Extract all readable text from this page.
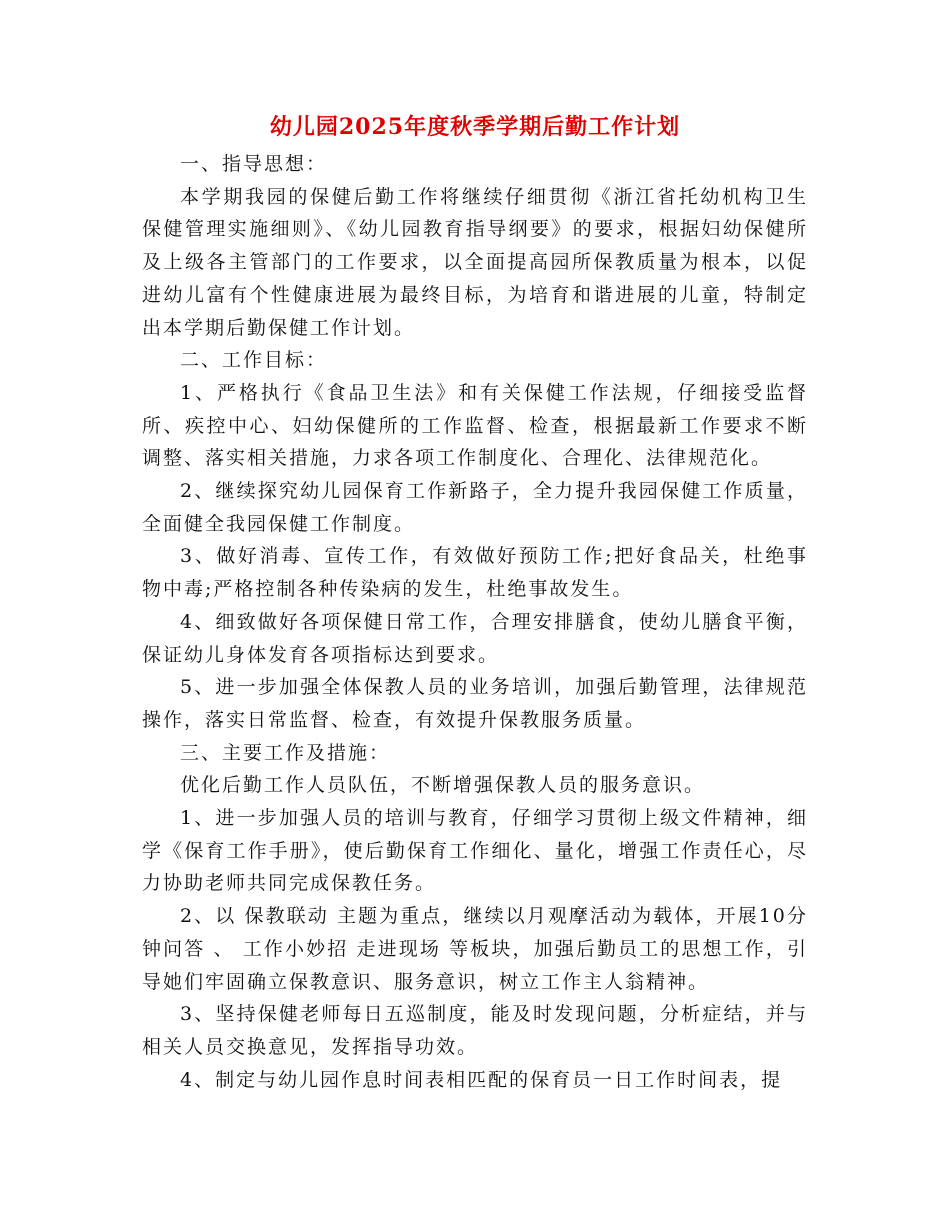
幼儿园2025年度秋季学期后勤工作计划

一、指导思想：

本学期我园的保健后勤工作将继续仔细贯彻《浙江省托幼机构卫生保健管理实施细则》、《幼儿园教育指导纲要》的要求，根据妇幼保健所及上级各主管部门的工作要求，以全面提高园所保教质量为根本，以促进幼儿富有个性健康进展为最终目标，为培育和谐进展的儿童，特制定出本学期后勤保健工作计划。

二、工作目标：

1、严格执行《食品卫生法》和有关保健工作法规，仔细接受监督所、疾控中心、妇幼保健所的工作监督、检查，根据最新工作要求不断调整、落实相关措施，力求各项工作制度化、合理化、法律规范化。

2、继续探究幼儿园保育工作新路子，全力提升我园保健工作质量，全面健全我园保健工作制度。

3、做好消毒、宣传工作，有效做好预防工作;把好食品关，杜绝事物中毒;严格控制各种传染病的发生，杜绝事故发生。

4、细致做好各项保健日常工作，合理安排膳食，使幼儿膳食平衡，保证幼儿身体发育各项指标达到要求。

5、进一步加强全体保教人员的业务培训，加强后勤管理，法律规范操作，落实日常监督、检查，有效提升保教服务质量。

三、主要工作及措施：

优化后勤工作人员队伍，不断增强保教人员的服务意识。

1、进一步加强人员的培训与教育，仔细学习贯彻上级文件精神，细学《保育工作手册》，使后勤保育工作细化、量化，增强工作责任心，尽力协助老师共同完成保教任务。

2、以 保教联动 主题为重点，继续以月观摩活动为载体，开展10分钟问答 、 工作小妙招 走进现场 等板块，加强后勤员工的思想工作，引导她们牢固确立保教意识、服务意识，树立工作主人翁精神。

3、坚持保健老师每日五巡制度，能及时发现问题，分析症结，并与相关人员交换意见，发挥指导功效。

4、制定与幼儿园作息时间表相匹配的保育员一日工作时间表，提
